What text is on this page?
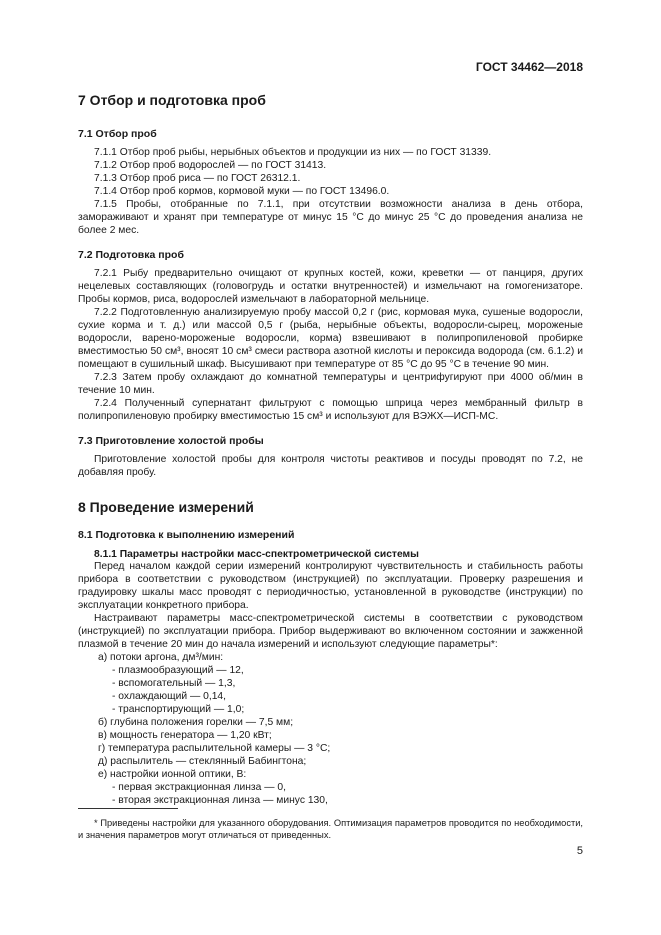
ГОСТ 34462—2018

7 Отбор и подготовка проб

7.1 Отбор проб

7.1.1 Отбор проб рыбы, нерыбных объектов и продукции из них — по ГОСТ 31339.

7.1.2 Отбор проб водорослей — по ГОСТ 31413.

7.1.3 Отбор проб риса — по ГОСТ 26312.1.

7.1.4 Отбор проб кормов, кормовой муки — по ГОСТ 13496.0.

7.1.5 Пробы, отобранные по 7.1.1, при отсутствии возможности анализа в день отбора, замораживают и хранят при температуре от минус 15 °С до минус 25 °С до проведения анализа не более 2 мес.

7.2 Подготовка проб

7.2.1 Рыбу предварительно очищают от крупных костей, кожи, креветки — от панциря, других нецелевых составляющих (головогрудь и остатки внутренностей) и измельчают на гомогенизаторе. Пробы кормов, риса, водорослей измельчают в лабораторной мельнице.

7.2.2 Подготовленную анализируемую пробу массой 0,2 г (рис, кормовая мука, сушеные водоросли, сухие корма и т. д.) или массой 0,5 г (рыба, нерыбные объекты, водоросли-сырец, мороженые водоросли, варено-мороженые водоросли, корма) взвешивают в полипропиленовой пробирке вместимостью 50 см³, вносят 10 см³ смеси раствора азотной кислоты и пероксида водорода (см. 6.1.2) и помещают в сушильный шкаф. Высушивают при температуре от 85 °С до 95 °С в течение 90 мин.

7.2.3 Затем пробу охлаждают до комнатной температуры и центрифугируют при 4000 об/мин в течение 10 мин.

7.2.4 Полученный супернатант фильтруют с помощью шприца через мембранный фильтр в полипропиленовую пробирку вместимостью 15 см³ и используют для ВЭЖХ—ИСП-МС.

7.3 Приготовление холостой пробы

Приготовление холостой пробы для контроля чистоты реактивов и посуды проводят по 7.2, не добавляя пробу.

8 Проведение измерений

8.1 Подготовка к выполнению измерений

8.1.1 Параметры настройки масс-спектрометрической системы

Перед началом каждой серии измерений контролируют чувствительность и стабильность работы прибора в соответствии с руководством (инструкцией) по эксплуатации. Проверку разрешения и градуировку шкалы масс проводят с периодичностью, установленной в руководстве (инструкции) по эксплуатации конкретного прибора.

Настраивают параметры масс-спектрометрической системы в соответствии с руководством (инструкцией) по эксплуатации прибора. Прибор выдерживают во включенном состоянии и зажженной плазмой в течение 20 мин до начала измерений и используют следующие параметры*:

а) потоки аргона, дм³/мин:

- плазмообразующий — 12,

- вспомогательный — 1,3,

- охлаждающий — 0,14,

- транспортирующий — 1,0;

б) глубина положения горелки — 7,5 мм;

в) мощность генератора — 1,20 кВт;

г) температура распылительной камеры — 3 °С;

д) распылитель — стеклянный Бабингтона;

е) настройки ионной оптики, В:

- первая экстракционная линза — 0,

- вторая экстракционная линза — минус 130,

* Приведены настройки для указанного оборудования. Оптимизация параметров проводится по необходимости, и значения параметров могут отличаться от приведенных.

5
